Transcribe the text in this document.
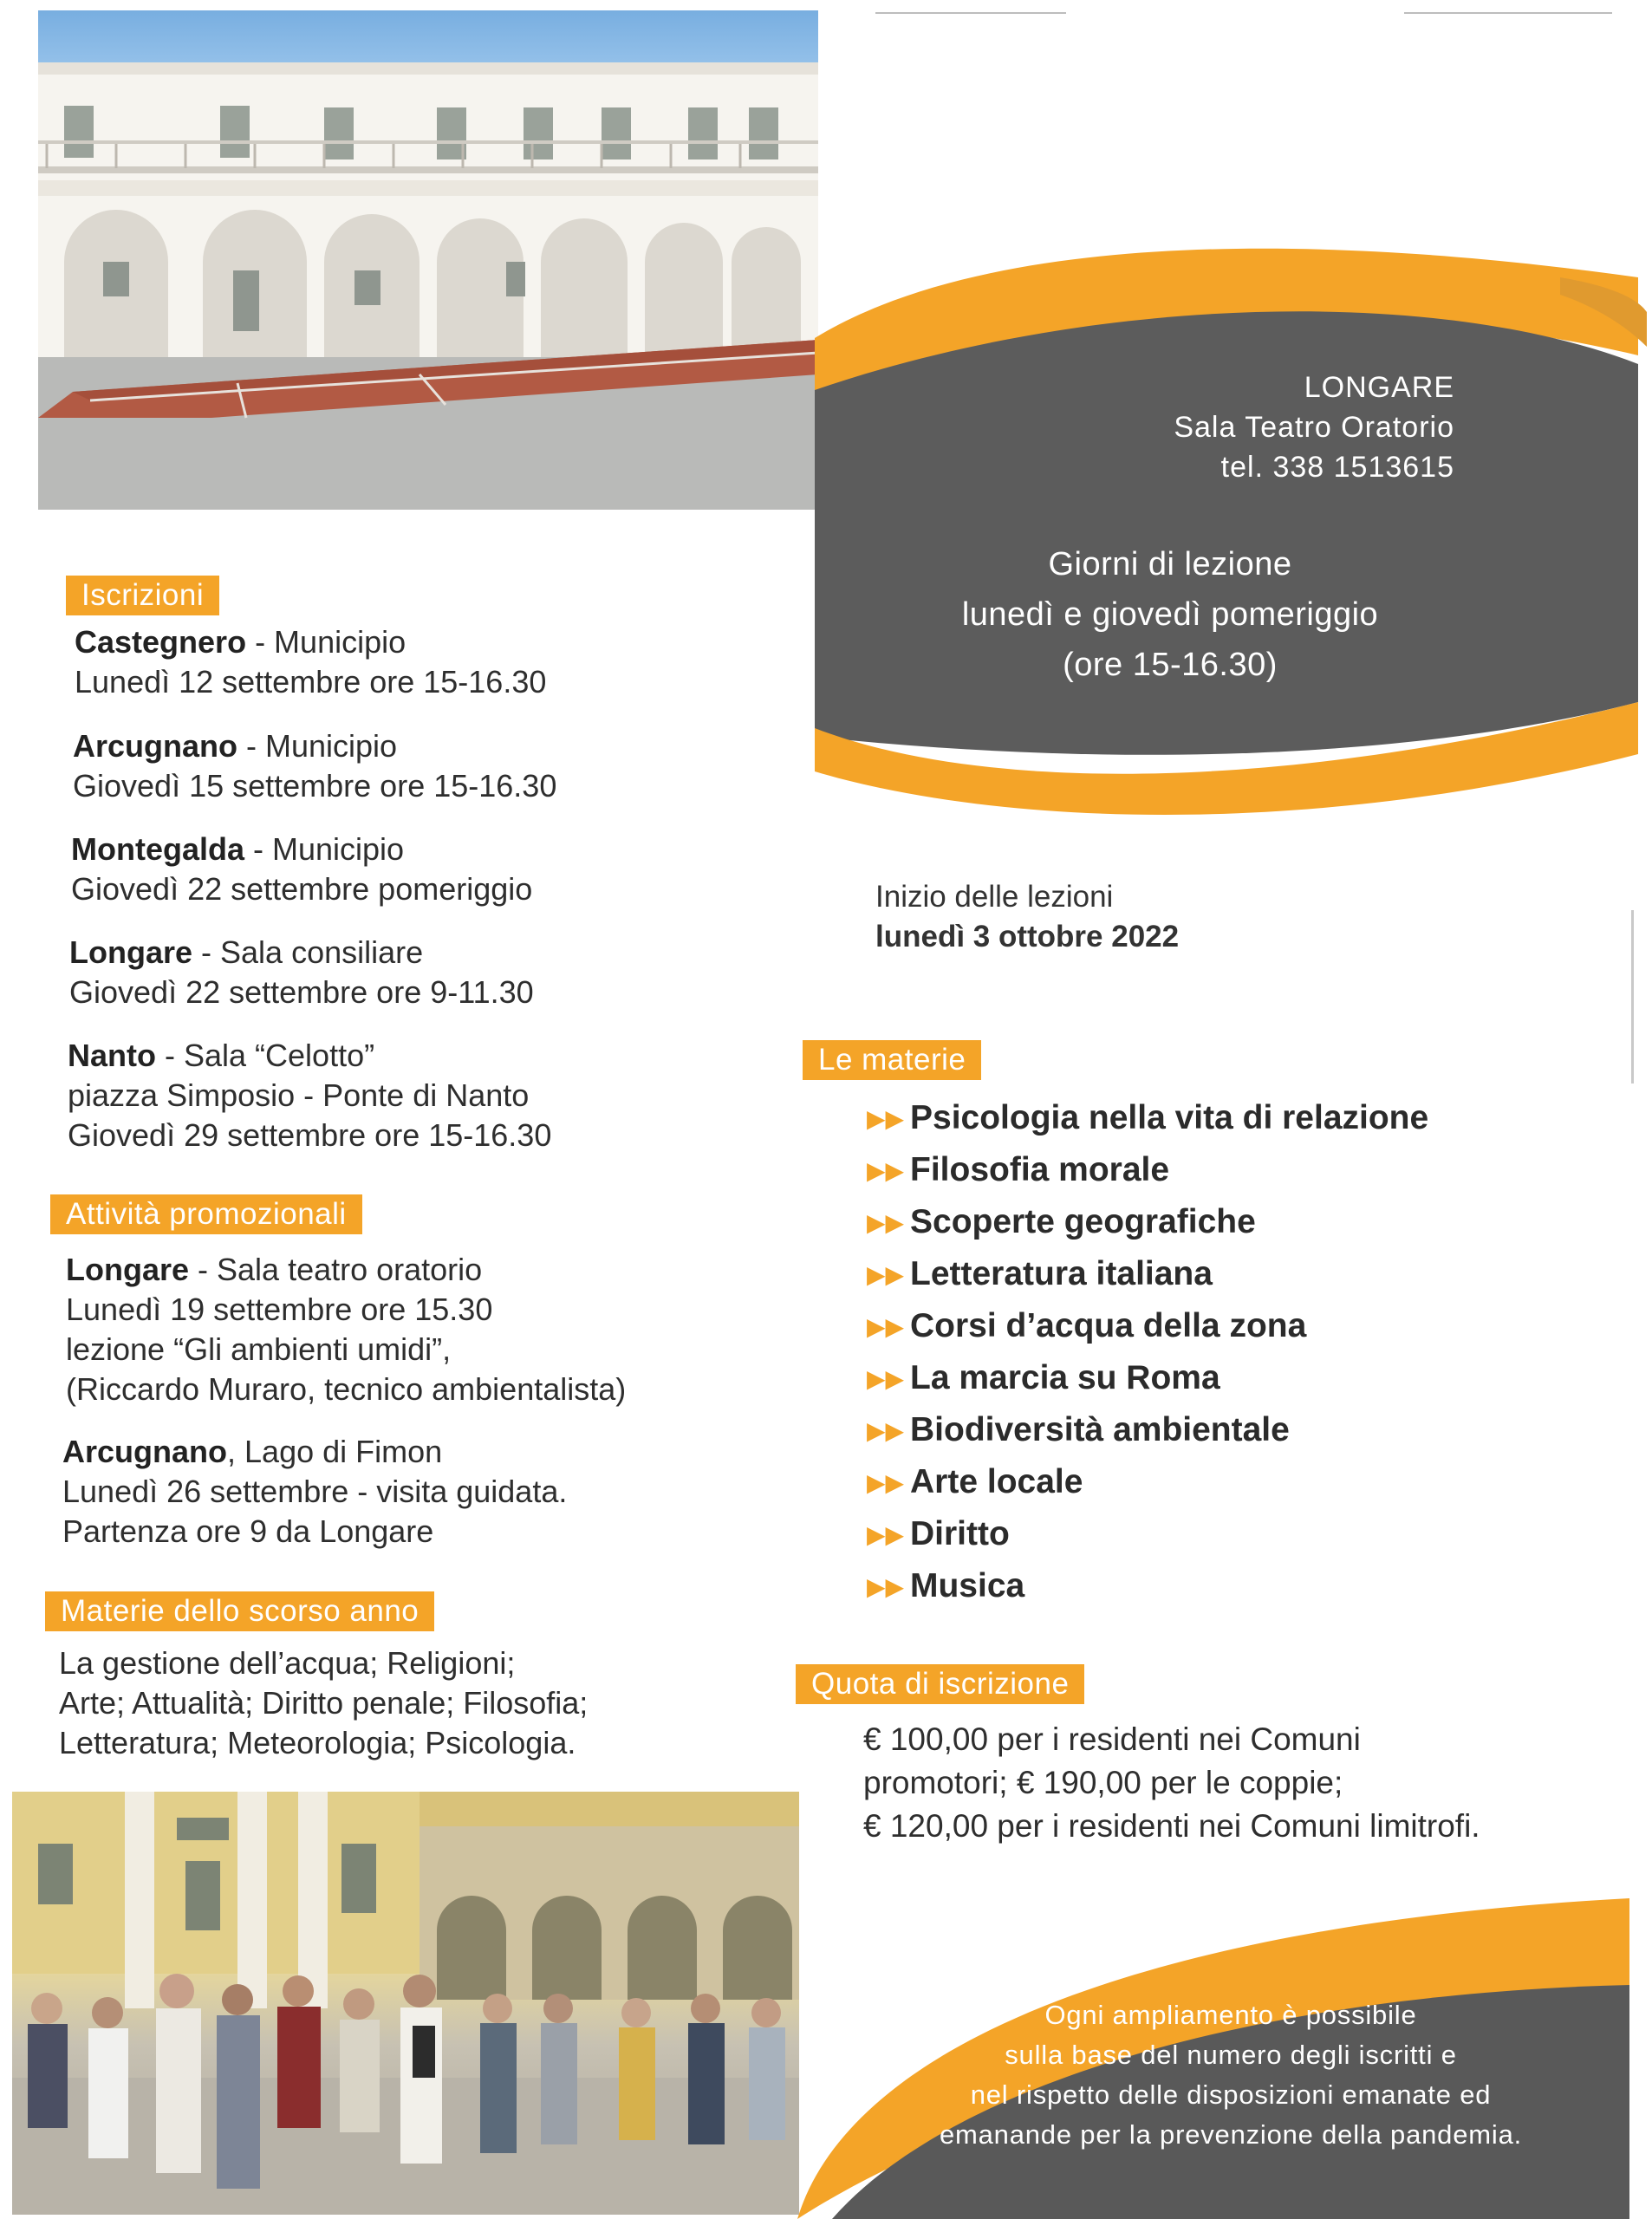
LONGARE
Sala Teatro Oratorio
tel. 338 1513615
Giorni di lezione
lunedì e giovedì pomeriggio
(ore 15-16.30)
Iscrizioni
Castegnero - Municipio
Lunedì 12 settembre ore 15-16.30
Arcugnano - Municipio
Giovedì 15 settembre ore 15-16.30
Montegalda - Municipio
Giovedì 22 settembre pomeriggio
Longare - Sala consiliare
Giovedì 22 settembre ore 9-11.30
Nanto - Sala “Celotto”
piazza Simposio - Ponte di Nanto
Giovedì 29 settembre ore 15-16.30
Attività promozionali
Longare - Sala teatro oratorio
Lunedì 19 settembre ore 15.30
lezione “Gli ambienti umidi”,
(Riccardo Muraro, tecnico ambientalista)
Arcugnano, Lago di Fimon
Lunedì 26 settembre - visita guidata.
Partenza ore 9 da Longare
Materie dello scorso anno
La gestione dell’acqua; Religioni;
Arte; Attualità; Diritto penale; Filosofia;
Letteratura; Meteorologia; Psicologia.
Inizio delle lezioni
lunedì 3 ottobre 2022
Le materie
▶▶ Psicologia nella vita di relazione
▶▶ Filosofia morale
▶▶ Scoperte geografiche
▶▶ Letteratura italiana
▶▶ Corsi d’acqua della zona
▶▶ La marcia su Roma
▶▶ Biodiversità ambientale
▶▶ Arte locale
▶▶ Diritto
▶▶ Musica
Quota di iscrizione
€ 100,00 per i residenti nei Comuni
promotori; € 190,00 per le coppie;
€ 120,00 per i residenti nei Comuni limitrofi.
Ogni ampliamento è possibile
sulla base del numero degli iscritti e
nel rispetto delle disposizioni emanate ed
emanande per la prevenzione della pandemia.
